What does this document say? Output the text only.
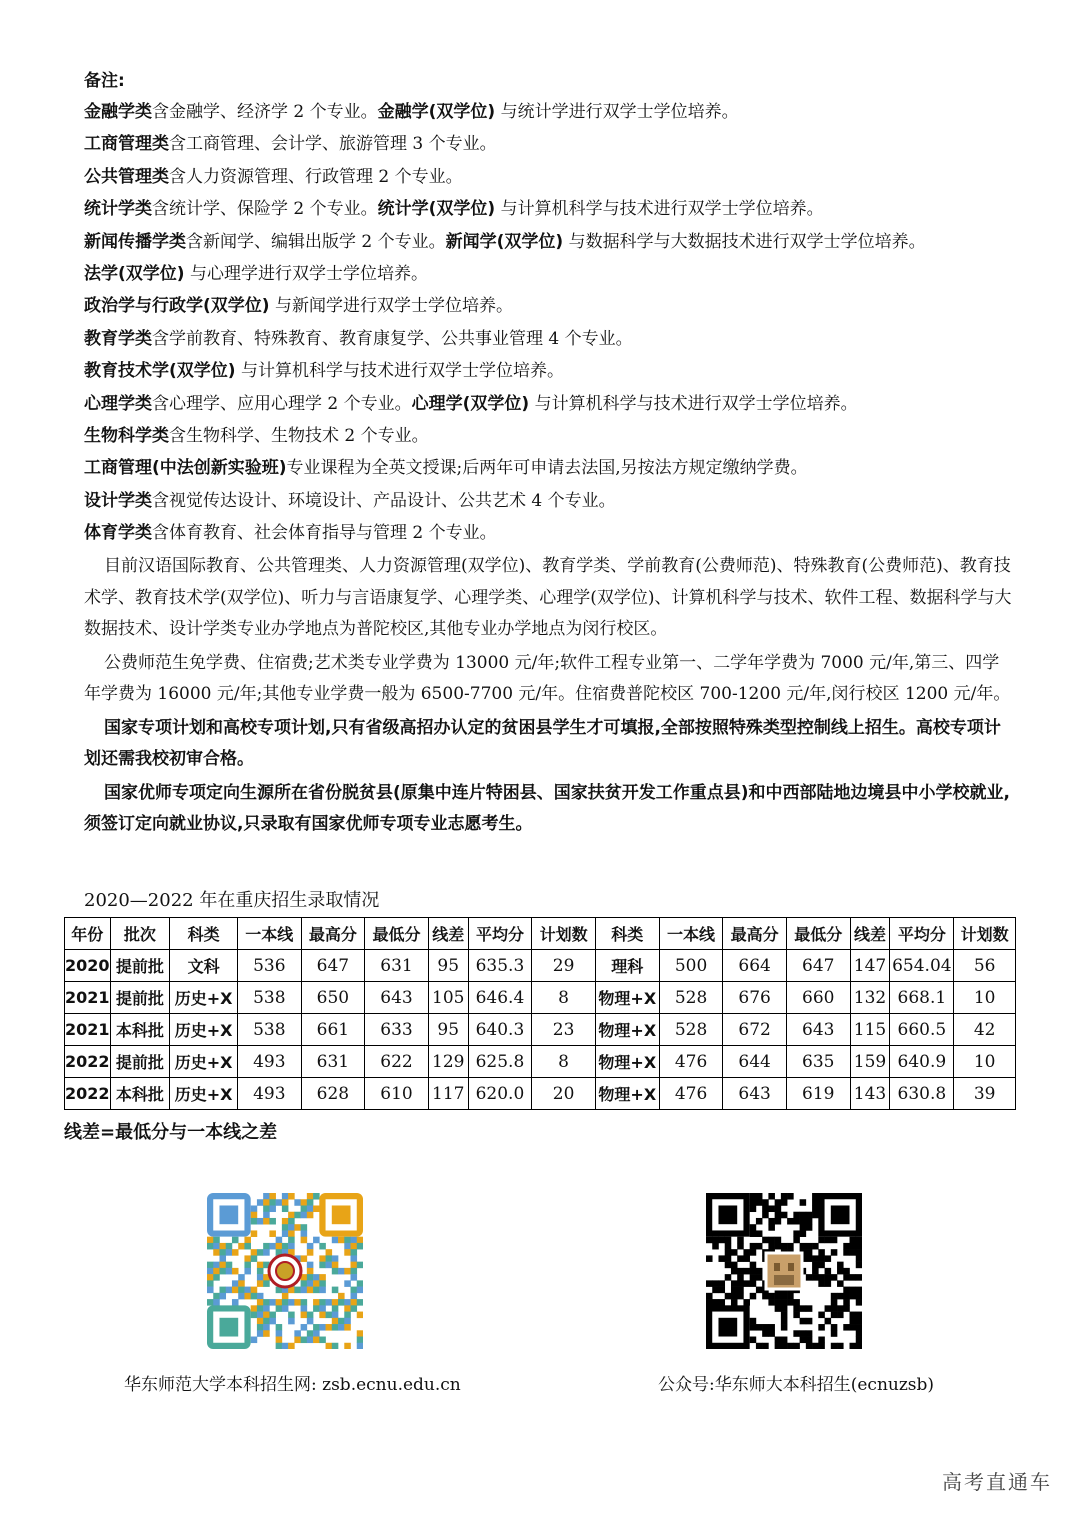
备注:
金融学类含金融学、经济学 2 个专业。金融学(双学位) 与统计学进行双学士学位培养。
工商管理类含工商管理、会计学、旅游管理 3 个专业。
公共管理类含人力资源管理、行政管理 2 个专业。
统计学类含统计学、保险学 2 个专业。统计学(双学位) 与计算机科学与技术进行双学士学位培养。
新闻传播学类含新闻学、编辑出版学 2 个专业。新闻学(双学位) 与数据科学与大数据技术进行双学士学位培养。
法学(双学位) 与心理学进行双学士学位培养。
政治学与行政学(双学位) 与新闻学进行双学士学位培养。
教育学类含学前教育、特殊教育、教育康复学、公共事业管理 4 个专业。
教育技术学(双学位) 与计算机科学与技术进行双学士学位培养。
心理学类含心理学、应用心理学 2 个专业。心理学(双学位) 与计算机科学与技术进行双学士学位培养。
生物科学类含生物科学、生物技术 2 个专业。
工商管理(中法创新实验班)专业课程为全英文授课;后两年可申请去法国,另按法方规定缴纳学费。
设计学类含视觉传达设计、环境设计、产品设计、公共艺术 4 个专业。
体育学类含体育教育、社会体育指导与管理 2 个专业。

目前汉语国际教育、公共管理类、人力资源管理(双学位)、教育学类、学前教育(公费师范)、特殊教育(公费师范)、教育技术学、教育技术学(双学位)、听力与言语康复学、心理学类、心理学(双学位)、计算机科学与技术、软件工程、数据科学与大数据技术、设计学类专业办学地点为普陀校区,其他专业办学地点为闵行校区。

公费师范生免学费、住宿费;艺术类专业学费为 13000 元/年;软件工程专业第一、二学年学费为 7000 元/年,第三、四学年学费为 16000 元/年;其他专业学费一般为 6500-7700 元/年。住宿费普陀校区 700-1200 元/年,闵行校区 1200 元/年。

国家专项计划和高校专项计划,只有省级高招办认定的贫困县学生才可填报,全部按照特殊类型控制线上招生。高校专项计划还需我校初审合格。

国家优师专项定向生源所在省份脱贫县(原集中连片特困县、国家扶贫开发工作重点县)和中西部陆地边境县中小学校就业,须签订定向就业协议,只录取有国家优师专项专业志愿考生。

2020—2022 年在重庆招生录取情况
年份	批次	科类	一本线	最高分	最低分	线差	平均分	计划数	科类	一本线	最高分	最低分	线差	平均分	计划数
2020	提前批	文科	536	647	631	95	635.3	29	理科	500	664	647	147	654.04	56
2021	提前批	历史+X	538	650	643	105	646.4	8	物理+X	528	676	660	132	668.1	10
2021	本科批	历史+X	538	661	633	95	640.3	23	物理+X	528	672	643	115	660.5	42
2022	提前批	历史+X	493	631	622	129	625.8	8	物理+X	476	644	635	159	640.9	10
2022	本科批	历史+X	493	628	610	117	620.0	20	物理+X	476	643	619	143	630.8	39
线差=最低分与一本线之差
华东师范大学本科招生网: zsb.ecnu.edu.cn	公众号:华东师大本科招生(ecnuzsb)
高考直通车
